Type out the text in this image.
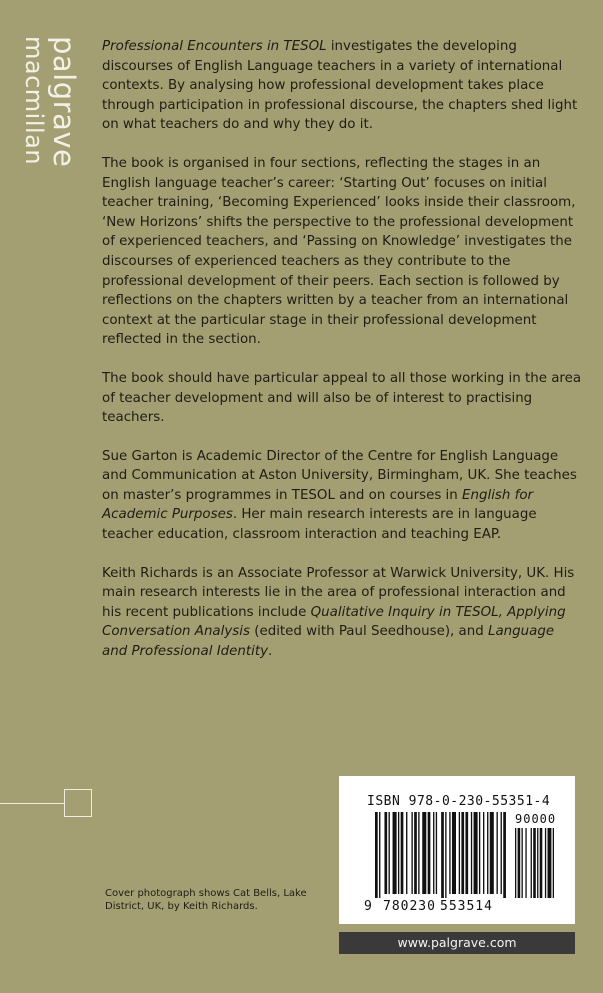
palgrave
macmillan	Professional Encounters in TESOL investigates the developing discourses of English Language teachers in a variety of international contexts. By analysing how professional development takes place through participation in professional discourse, the chapters shed light on what teachers do and why they do it.

The book is organised in four sections, reflecting the stages in an English language teacher’s career: ‘Starting Out’ focuses on initial teacher training, ‘Becoming Experienced’ looks inside their classroom, ‘New Horizons’ shifts the perspective to the professional development of experienced teachers, and ‘Passing on Knowledge’ investigates the discourses of experienced teachers as they contribute to the professional development of their peers. Each section is followed by reflections on the chapters written by a teacher from an international context at the particular stage in their professional development reflected in the section.

The book should have particular appeal to all those working in the area of teacher development and will also be of interest to practising teachers.

Sue Garton is Academic Director of the Centre for English Language and Communication at Aston University, Birmingham, UK. She teaches on master’s programmes in TESOL and on courses in English for Academic Purposes. Her main research interests are in language teacher education, classroom interaction and teaching EAP.

Keith Richards is an Associate Professor at Warwick University, UK. His main research interests lie in the area of professional interaction and his recent publications include Qualitative Inquiry in TESOL, Applying Conversation Analysis (edited with Paul Seedhouse), and Language and Professional Identity.

Cover photograph shows Cat Bells, Lake District, UK, by Keith Richards.
ISBN 978-0-230-55351-4
9 780230 553514
90000
www.palgrave.com
